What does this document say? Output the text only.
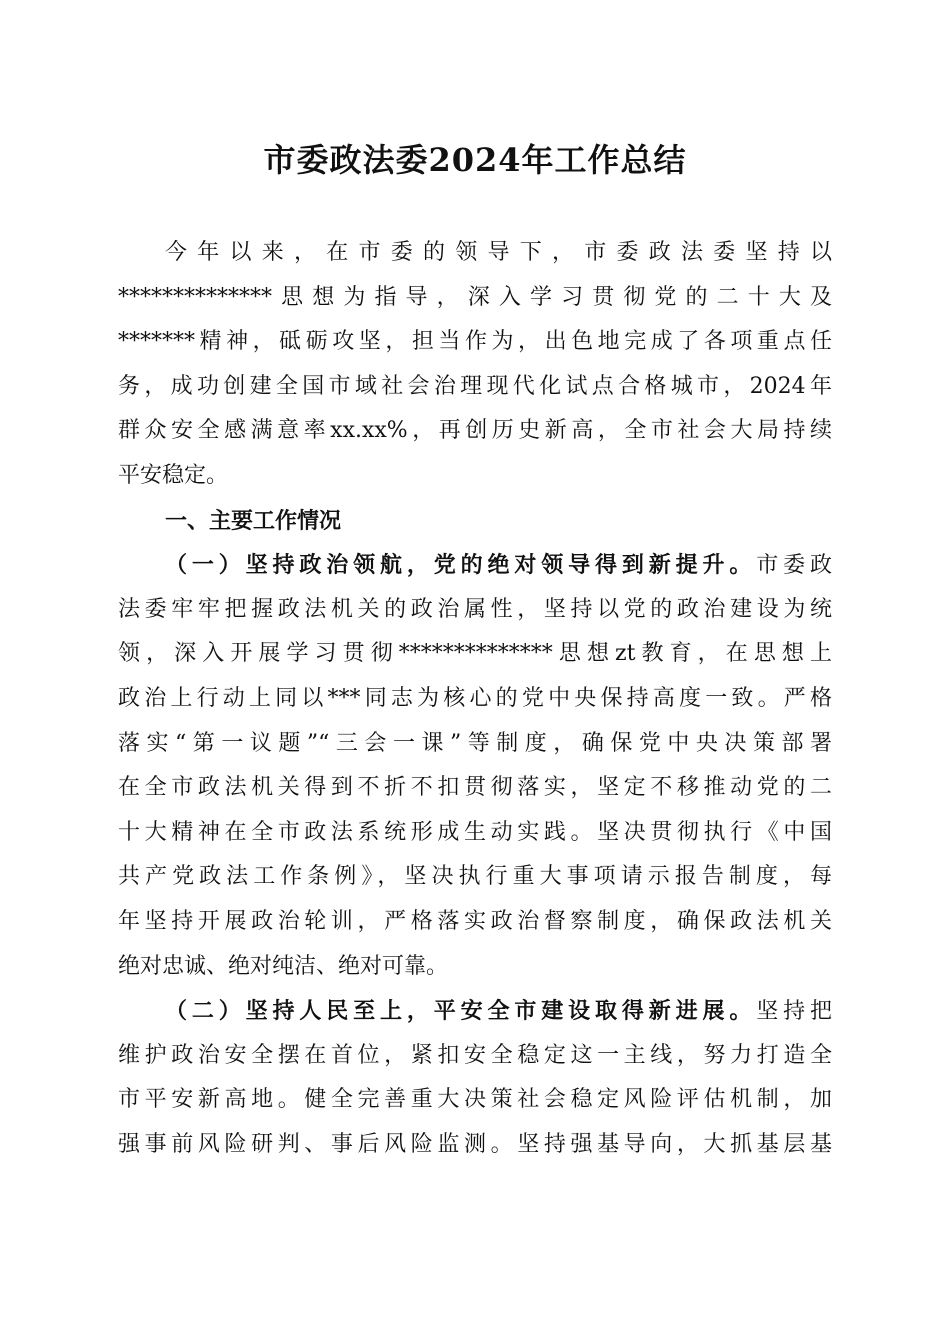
市委政法委2024年工作总结
今年以来，在市委的领导下，市委政法委坚持以
**************思想为指导，深入学习贯彻党的二十大及
*******精神，砥砺攻坚，担当作为，出色地完成了各项重点任
务，成功创建全国市域社会治理现代化试点合格城市，2024年
群众安全感满意率xx.xx%，再创历史新高，全市社会大局持续
平安稳定。
一、主要工作情况
（一）坚持政治领航，党的绝对领导得到新提升。市委政
法委牢牢把握政法机关的政治属性，坚持以党的政治建设为统
领，深入开展学习贯彻**************思想zt教育，在思想上
政治上行动上同以***同志为核心的党中央保持高度一致。严格
落实“第一议题”“三会一课”等制度，确保党中央决策部署
在全市政法机关得到不折不扣贯彻落实，坚定不移推动党的二
十大精神在全市政法系统形成生动实践。坚决贯彻执行《中国
共产党政法工作条例》，坚决执行重大事项请示报告制度，每
年坚持开展政治轮训，严格落实政治督察制度，确保政法机关
绝对忠诚、绝对纯洁、绝对可靠。
（二）坚持人民至上，平安全市建设取得新进展。坚持把
维护政治安全摆在首位，紧扣安全稳定这一主线，努力打造全
市平安新高地。健全完善重大决策社会稳定风险评估机制，加
强事前风险研判、事后风险监测。坚持强基导向，大抓基层基
